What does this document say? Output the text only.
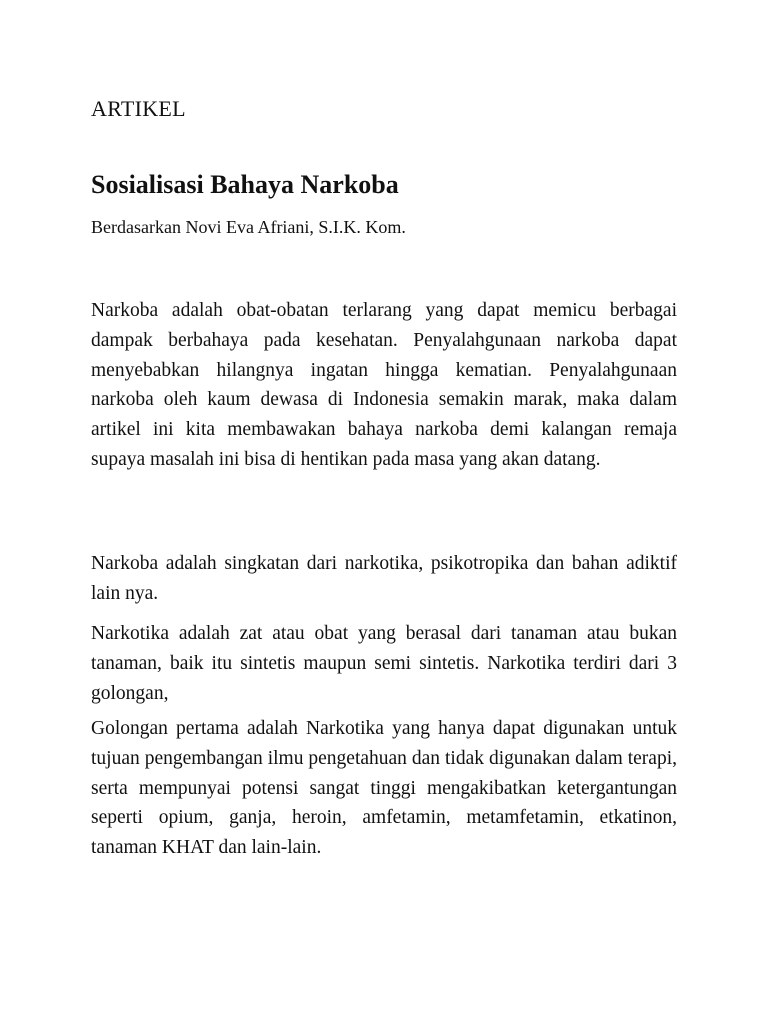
ARTIKEL
Sosialisasi Bahaya Narkoba

Berdasarkan Novi Eva Afriani, S.I.K. Kom.

Narkoba adalah obat-obatan terlarang yang dapat memicu berbagai dampak berbahaya pada kesehatan. Penyalahgunaan narkoba dapat menyebabkan hilangnya ingatan hingga kematian. Penyalahgunaan narkoba oleh kaum dewasa di Indonesia semakin marak, maka dalam artikel ini kita membawakan bahaya narkoba demi kalangan remaja supaya masalah ini bisa di hentikan pada masa yang akan datang.

Narkoba adalah singkatan dari narkotika, psikotropika dan bahan adiktif lain nya.

Narkotika adalah zat atau obat yang berasal dari tanaman atau bukan tanaman, baik itu sintetis maupun semi sintetis. Narkotika terdiri dari 3 golongan,

Golongan pertama adalah Narkotika yang hanya dapat digunakan untuk tujuan pengembangan ilmu pengetahuan dan tidak digunakan dalam terapi, serta mempunyai potensi sangat tinggi mengakibatkan ketergantungan seperti opium, ganja, heroin, amfetamin, metamfetamin, etkatinon, tanaman KHAT dan lain-lain.
